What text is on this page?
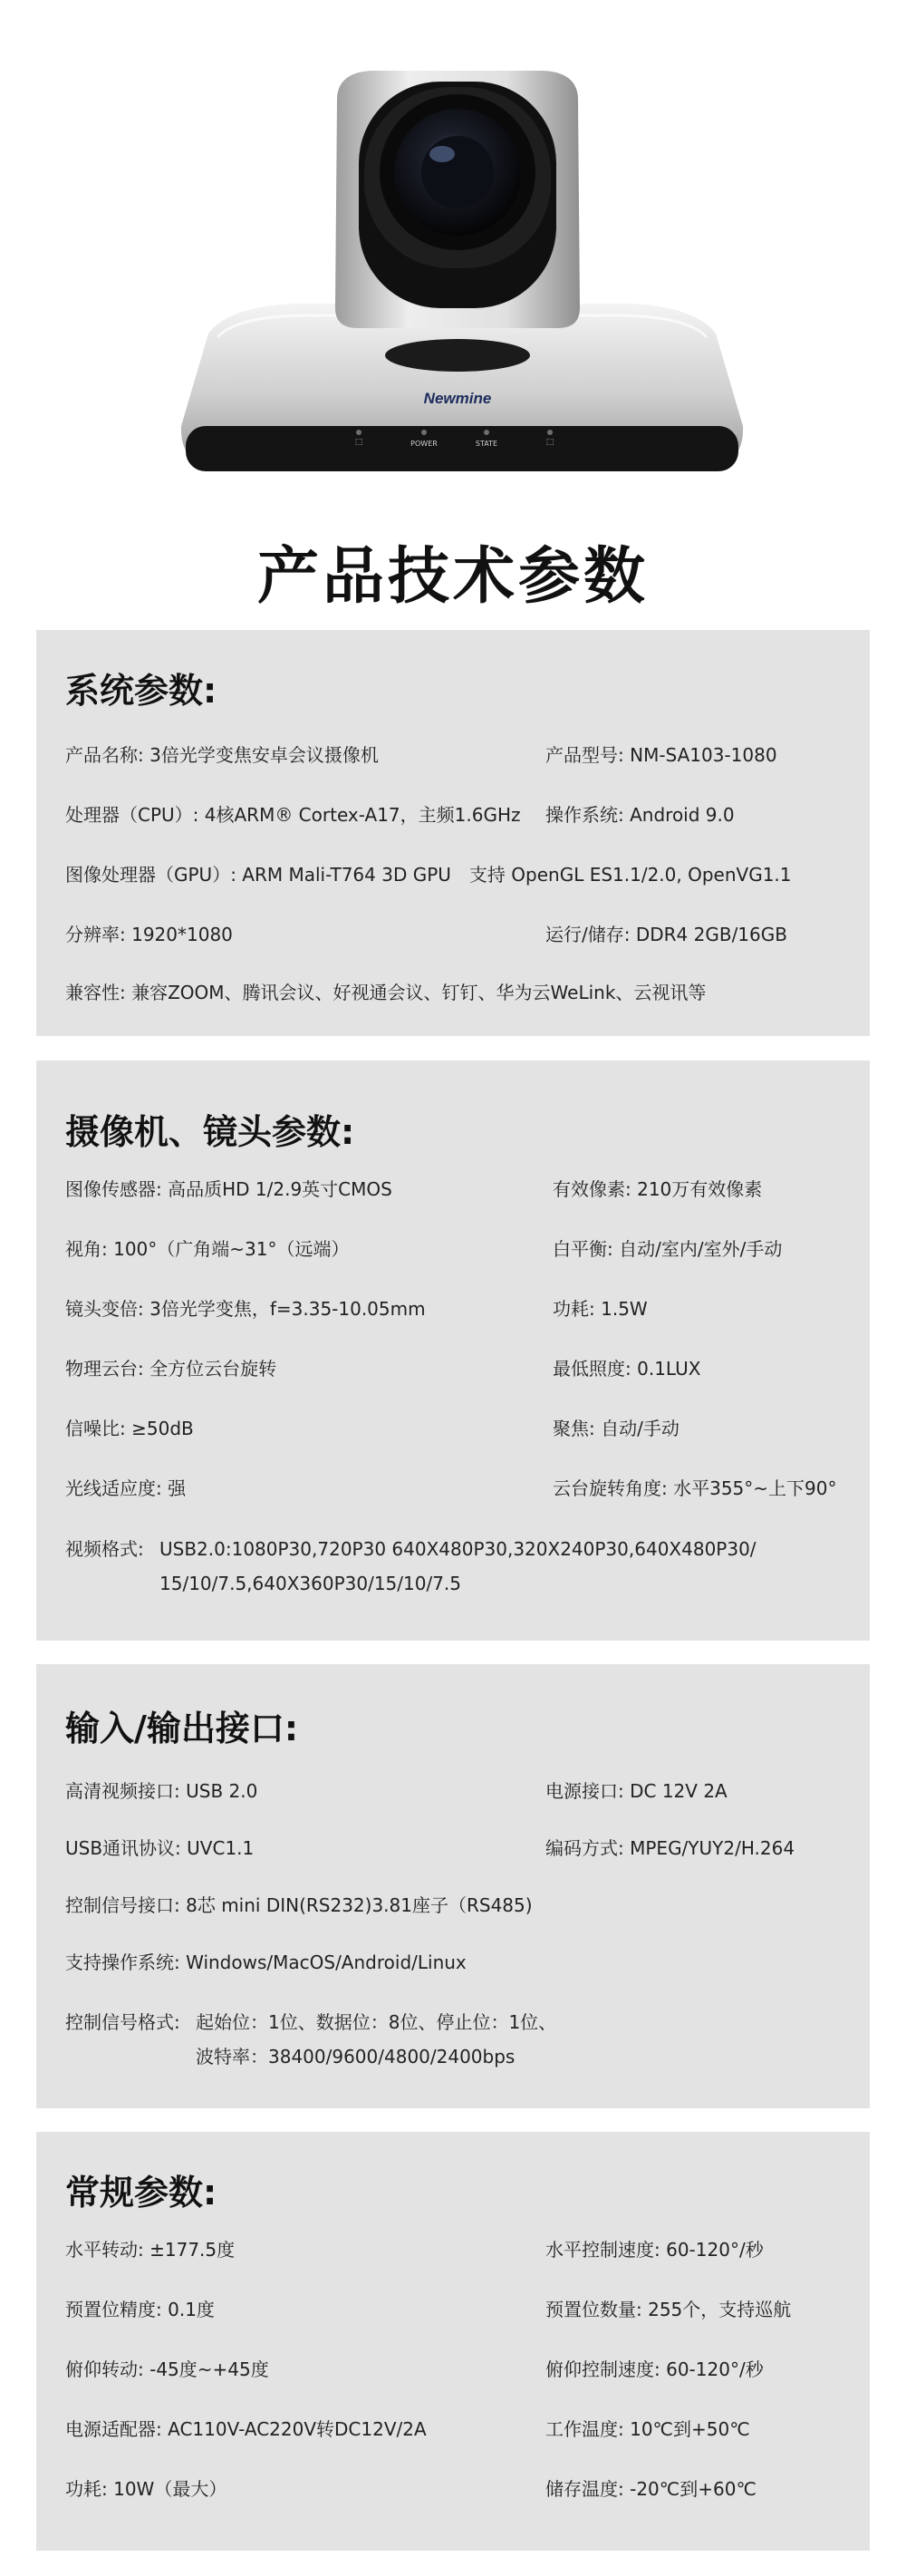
Newmine
⬚	POWER	STATE	⬚
产品技术参数
系统参数:
产品名称: 3倍光学变焦安卓会议摄像机	产品型号: NM-SA103-1080
处理器（CPU）: 4核ARM® Cortex-A17，主频1.6GHz 操作系统: Android 9.0
图像处理器（GPU）: ARM Mali-T764 3D GPU　支持 OpenGL ES1.1/2.0, OpenVG1.1
分辨率: 1920*1080	运行/储存: DDR4 2GB/16GB
兼容性: 兼容ZOOM、腾讯会议、好视通会议、钉钉、华为云WeLink、云视讯等
摄像机、镜头参数:
图像传感器: 高品质HD 1/2.9英寸CMOS	有效像素: 210万有效像素
视角: 100°（广角端~31°（远端）	白平衡: 自动/室内/室外/手动
镜头变倍: 3倍光学变焦，f=3.35-10.05mm	功耗: 1.5W
物理云台: 全方位云台旋转	最低照度: 0.1LUX
信噪比: ≥50dB	聚焦: 自动/手动
光线适应度: 强	云台旋转角度: 水平355°~上下90°
视频格式: USB2.0:1080P30,720P30 640X480P30,320X240P30,640X480P30/
15/10/7.5,640X360P30/15/10/7.5
输入/输出接口:
高清视频接口: USB 2.0	电源接口: DC 12V 2A
USB通讯协议: UVC1.1	编码方式: MPEG/YUY2/H.264
控制信号接口: 8芯 mini DIN(RS232)3.81座子（RS485)
支持操作系统: Windows/MacOS/Android/Linux
控制信号格式: 起始位：1位、数据位：8位、停止位：1位、
波特率：38400/9600/4800/2400bps
常规参数:
水平转动: ±177.5度	水平控制速度: 60-120°/秒
预置位精度: 0.1度	预置位数量: 255个，支持巡航
俯仰转动: -45度~+45度	俯仰控制速度: 60-120°/秒
电源适配器: AC110V-AC220V转DC12V/2A	工作温度: 10℃到+50℃
功耗: 10W（最大）	储存温度: -20℃到+60℃
